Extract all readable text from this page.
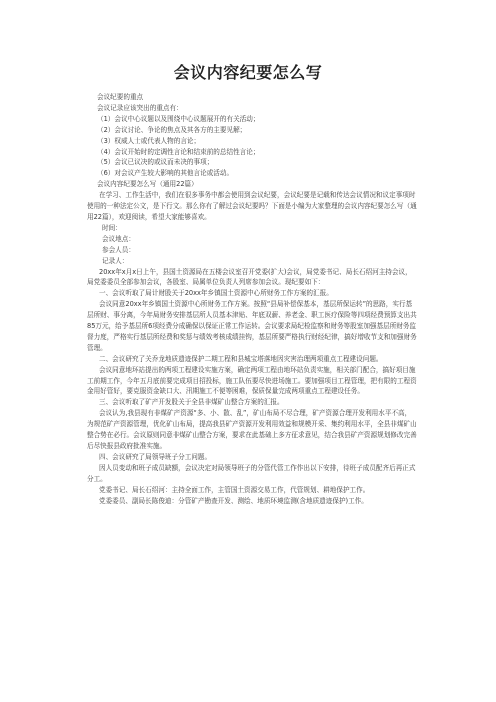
会议内容纪要怎么写

会议纪要的重点

会议记录应该突出的重点有：

（1）会议中心议题以及围绕中心议题展开的有关活动；

（2）会议讨论、争论的焦点及其各方的主要见解；

（3）权威人士或代表人物的言论；

（4）会议开始时的定调性言论和结束前的总结性言论；

（5）会议已议决的或议而未决的事项；

（6）对会议产生较大影响的其他言论或活动。

会议内容纪要怎么写（通用22篇）

在学习、工作生活中，我们在很多事务中都会使用到会议纪要，会议纪要是记载和传达会议情况和议定事项时使用的一种法定公文，是下行文。那么你有了解过会议纪要吗？下面是小编为大家整理的会议内容纪要怎么写（通用22篇），欢迎阅读，希望大家能够喜欢。

时间：

会议地点：

参会人员：

记录人：

20xx年x月x日上午，县国土资源局在五楼会议室召开党委(扩大)会议，局党委书记、局长石绍河主持会议，局党委委员全部参加会议，各股室、局属单位负责人列席参加会议。现纪要如下：

一、会议听取了局计财股关于20xx年乡镇国土资源中心所财务工作方案的汇报。

会议同意20xx年乡镇国土资源中心所财务工作方案。按照“县局补偿保基本，基层所保运转”的思路，实行基层所财、事分离，今年局财务安排基层所人员基本津贴、年底双薪、养老金、职工医疗保险等四项经费预算支出共85万元，给予基层所6项经费分成确保以保证正常工作运转。会议要求局纪检监察和财务等股室加强基层所财务监督力度，严格实行基层所经费和奖惩与绩效考核成绩挂钩，基层所要严格执行财经纪律，搞好增收节支和加强财务管理。

二、会议研究了关乔龙地质遗迹保护二期工程和县城宝塔落地因灾害治理两项重点工程建设问题。

会议同意地环站提出的两项工程建设实施方案，确定两项工程由地环站负责实施，相关部门配合，搞好项目施工前期工作，今年五月底前要完成项目招投标，施工队伍要尽快进场施工。要加强项目工程管理，把有限的工程资金用好管好，要克服资金缺口大、汛期施工不便等困难，保质保量完成两项重点工程建设任务。

三、会议听取了矿产开发股关于全县非煤矿山整合方案的汇报。

会议认为,我县现有非煤矿产资源“多、小、散、乱”，矿山布局不尽合理，矿产资源合理开发利用水平不高，为规范矿产资源管理，优化矿山布局，提高我县矿产资源开发利用效益和规模开采、集约利用水平，全县非煤矿山整合势在必行。会议原则同意非煤矿山整合方案，要求在此基础上多方征求意见，结合我县矿产资源规划修改完善后尽快报县政府批准实施。

四、会议研究了局领导班子分工问题。

因人员变动和班子成员缺额，会议决定对局领导班子的分管代管工作作出以下安排，待班子成员配齐后再正式分工。

党委书记、局长石绍河：主持全面工作，主管国土资源交易工作，代管规划、耕地保护工作。

党委委员、副局长陈俊迪：分管矿产勘查开发、测绘、地质环境监测(含地质遗迹保护)工作。
